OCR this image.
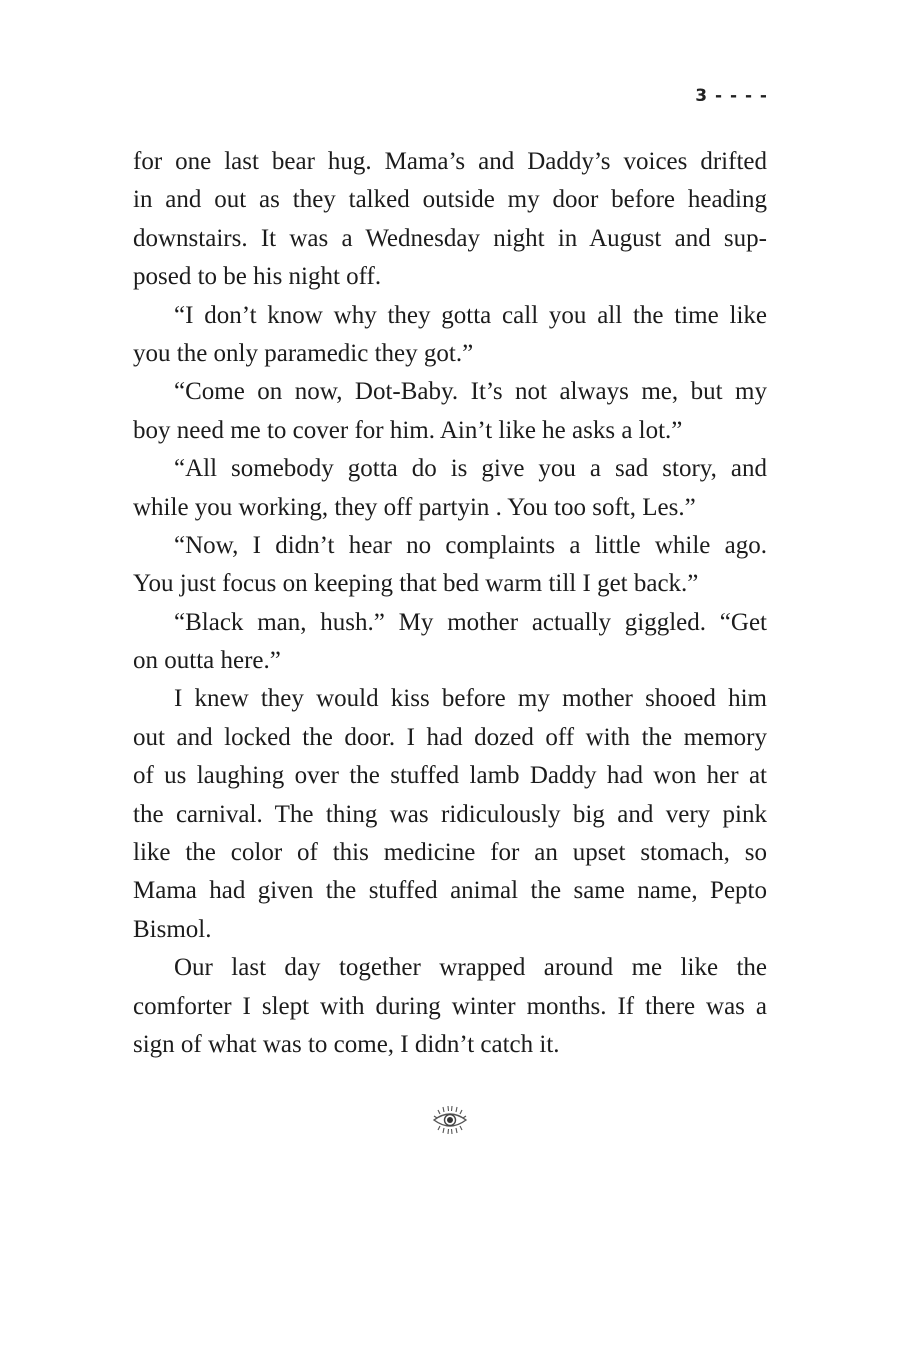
3 - - - -
for one last bear hug. Mama’s and Daddy’s voices drifted
in and out as they talked outside my door before heading
downstairs. It was a Wednesday night in August and sup-
posed to be his night off.
“I don’t know why they gotta call you all the time like
you the only paramedic they got.”
“Come on now, Dot-Baby. It’s not always me, but my
boy need me to cover for him. Ain’t like he asks a lot.”
“All somebody gotta do is give you a sad story, and
while you working, they off partyin . You too soft, Les.”
“Now, I didn’t hear no complaints a little while ago.
You just focus on keeping that bed warm till I get back.”
“Black man, hush.” My mother actually giggled. “Get
on outta here.”
I knew they would kiss before my mother shooed him
out and locked the door. I had dozed off with the memory
of us laughing over the stuffed lamb Daddy had won her at
the carnival. The thing was ridiculously big and very pink
like the color of this medicine for an upset stomach, so
Mama had given the stuffed animal the same name, Pepto
Bismol.
Our last day together wrapped around me like the
comforter I slept with during winter months. If there was a
sign of what was to come, I didn’t catch it.
